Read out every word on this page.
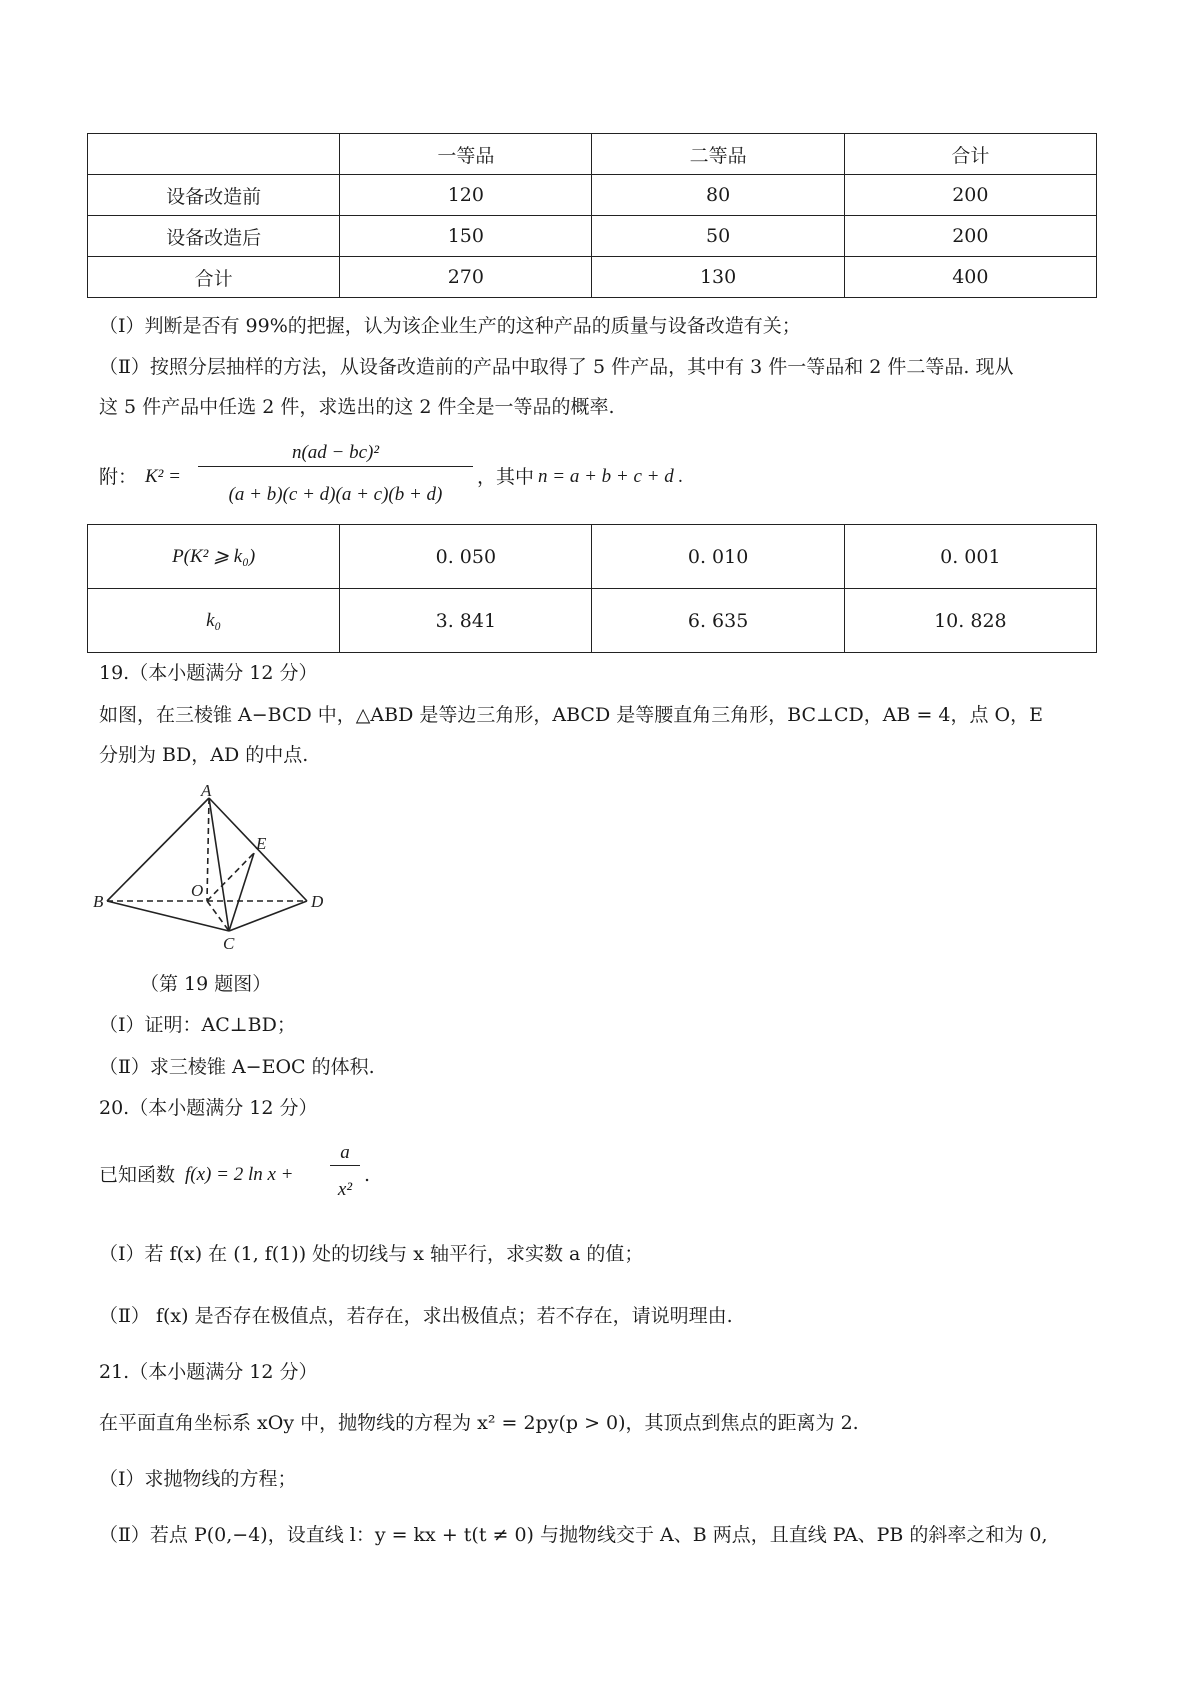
	一等品	二等品	合计
设备改造前	120	80	200
设备改造后	150	50	200
合计	270	130	400
（Ⅰ）判断是否有 99%的把握，认为该企业生产的这种产品的质量与设备改造有关；
（Ⅱ）按照分层抽样的方法，从设备改造前的产品中取得了 5 件产品，其中有 3 件一等品和 2 件二等品. 现从
这 5 件产品中任选 2 件，求选出的这 2 件全是一等品的概率.
附： K² =
n(ad − bc)²
(a + b)(c + d)(a + c)(b + d)
，其中 n = a + b + c + d .
P(K² ⩾ k₀)	0. 050	0. 010	0. 001
k₀	3. 841	6. 635	10. 828
19.（本小题满分 12 分）
如图，在三棱锥 A−BCD 中，△ABD 是等边三角形，ABCD 是等腰直角三角形，BC⊥CD，AB = 4，点 O，E
分别为 BD，AD 的中点.
A
B
C
D
E
O
（第 19 题图）
（Ⅰ）证明：AC⊥BD；
（Ⅱ）求三棱锥 A−EOC 的体积.
20.（本小题满分 12 分）
已知函数 f(x) = 2 ln x +
a
x²
.
（Ⅰ）若 f(x) 在 (1, f(1)) 处的切线与 x 轴平行，求实数 a 的值；
（Ⅱ） f(x) 是否存在极值点，若存在，求出极值点；若不存在，请说明理由.
21.（本小题满分 12 分）
在平面直角坐标系 xOy 中，抛物线的方程为 x² = 2py(p > 0)，其顶点到焦点的距离为 2.
（Ⅰ）求抛物线的方程；
（Ⅱ）若点 P(0,−4)，设直线 l：y = kx + t(t ≠ 0) 与抛物线交于 A、B 两点，且直线 PA、PB 的斜率之和为 0,
